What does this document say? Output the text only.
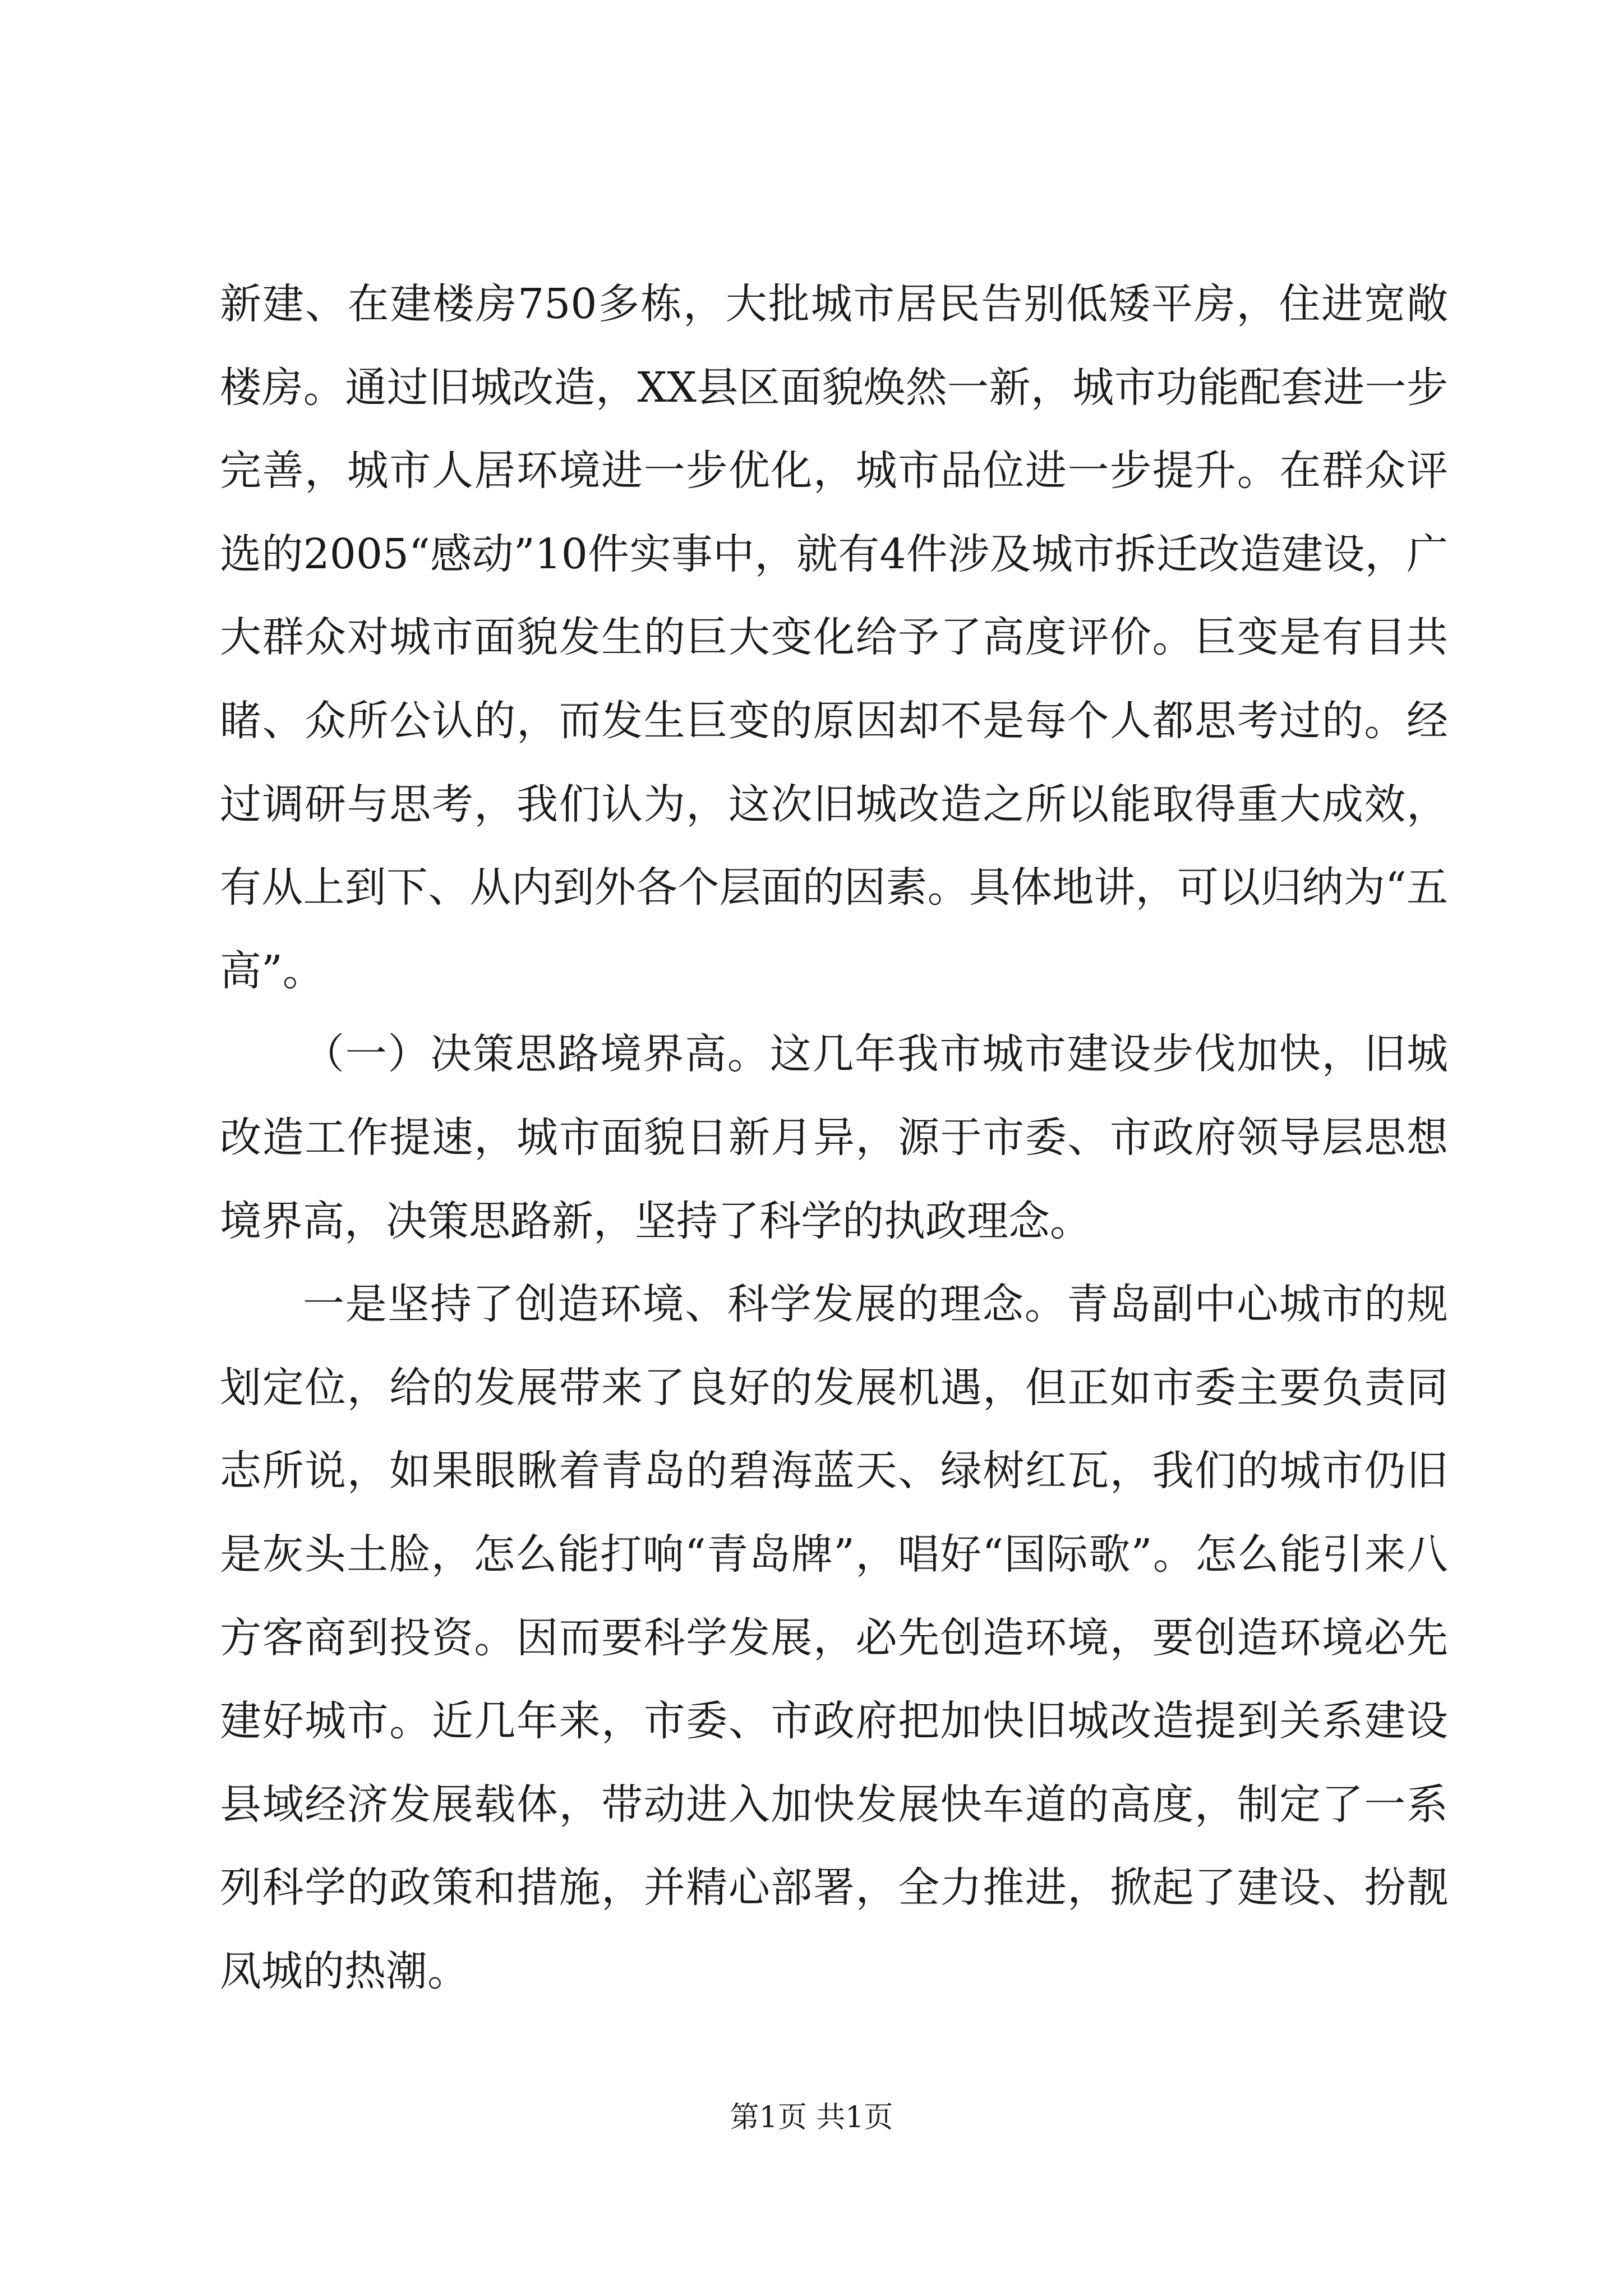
新建、在建楼房750多栋，大批城市居民告别低矮平房，住进宽敞楼房。通过旧城改造，XX县区面貌焕然一新，城市功能配套进一步完善，城市人居环境进一步优化，城市品位进一步提升。在群众评选的2005“感动”10件实事中，就有4件涉及城市拆迁改造建设，广大群众对城市面貌发生的巨大变化给予了高度评价。巨变是有目共睹、众所公认的，而发生巨变的原因却不是每个人都思考过的。经过调研与思考，我们认为，这次旧城改造之所以能取得重大成效，有从上到下、从内到外各个层面的因素。具体地讲，可以归纳为“五高”。

（一）决策思路境界高。这几年我市城市建设步伐加快，旧城改造工作提速，城市面貌日新月异，源于市委、市政府领导层思想境界高，决策思路新，坚持了科学的执政理念。

一是坚持了创造环境、科学发展的理念。青岛副中心城市的规划定位，给的发展带来了良好的发展机遇，但正如市委主要负责同志所说，如果眼瞅着青岛的碧海蓝天、绿树红瓦，我们的城市仍旧是灰头土脸，怎么能打响“青岛牌”，唱好“国际歌”。怎么能引来八方客商到投资。因而要科学发展，必先创造环境，要创造环境必先建好城市。近几年来，市委、市政府把加快旧城改造提到关系建设县域经济发展载体，带动进入加快发展快车道的高度，制定了一系列科学的政策和措施，并精心部署，全力推进，掀起了建设、扮靓凤城的热潮。

第1页 共1页
